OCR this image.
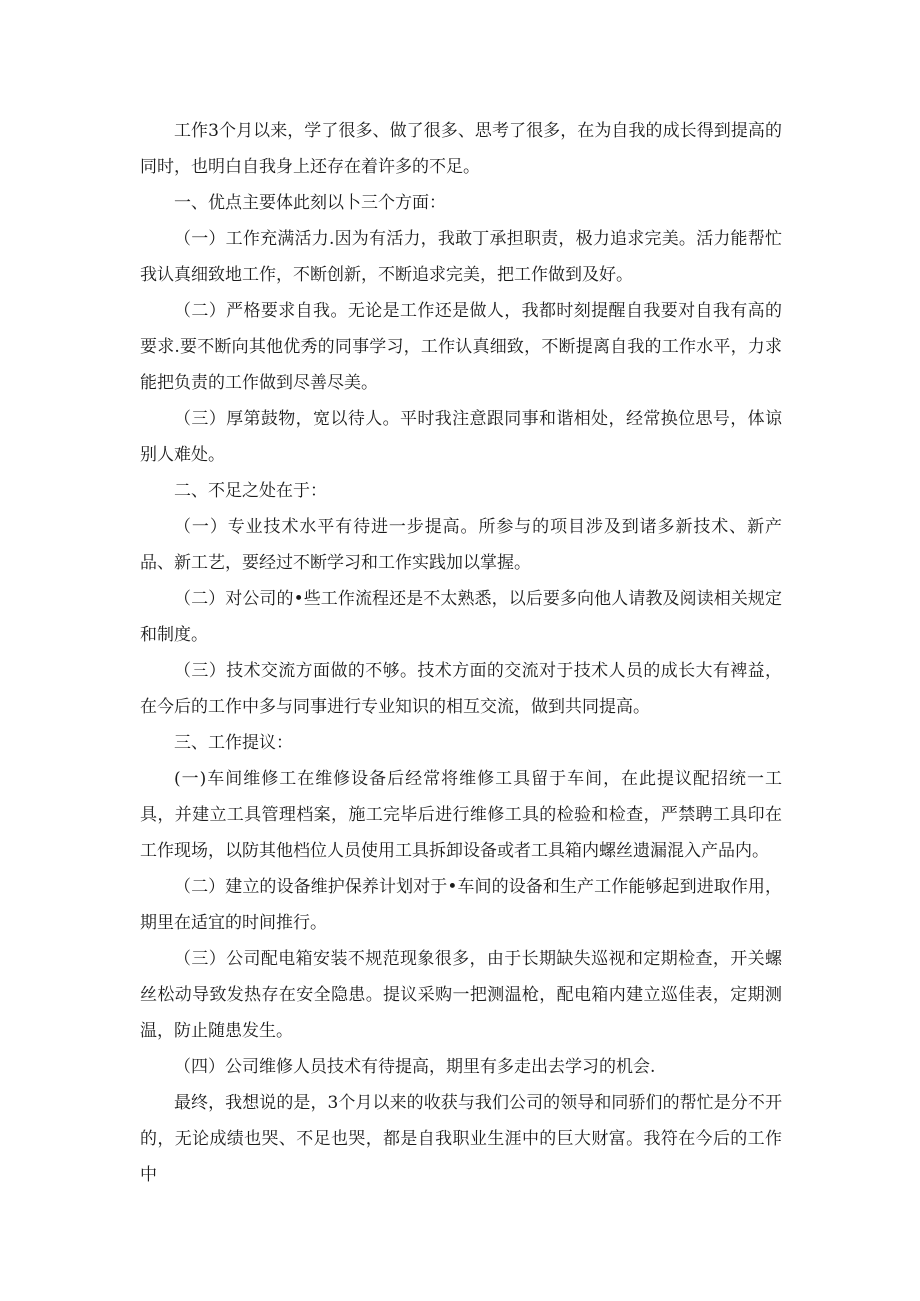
工作3个月以来，学了很多、做了很多、思考了很多，在为自我的成长得到提高的同时，也明白自我身上还存在着许多的不足。

一、优点主要体此刻以卜三个方面：

（一）工作充满活力.因为有活力，我敢丁承担职责，极力追求完美。活力能帮忙我认真细致地工作，不断创新，不断追求完美，把工作做到及好。

（二）严格要求自我。无论是工作还是做人，我都时刻提醒自我要对自我有高的要求.要不断向其他优秀的同事学习，工作认真细致，不断提离自我的工作水平，力求能把负责的工作做到尽善尽美。

（三）厚第鼓物，宽以待人。平时我注意跟同事和谐相处，经常换位思号，体谅别人难处。

二、不足之处在于：

（一）专业技术水平有待进一步提高。所参与的项目涉及到诸多新技术、新产品、新工艺，要经过不断学习和工作实践加以掌握。

（二）对公司的•些工作流程还是不太熟悉，以后要多向他人请教及阅读相关规定和制度。

（三）技术交流方面做的不够。技术方面的交流对于技术人员的成长大有裨益，在今后的工作中多与同事进行专业知识的相互交流，做到共同提高。

三、工作提议：

(一)车间维修工在维修设备后经常将维修工具留于车间，在此提议配招统一工具，并建立工具管理档案，施工完毕后进行维修工具的检验和检查，严禁聘工具印在工作现场，以防其他档位人员使用工具拆卸设备或者工具箱内螺丝遗漏混入产品内。

（二）建立的设备维护保养计划对于•车间的设备和生产工作能够起到进取作用，期里在适宜的时间推行。

（三）公司配电箱安装不规范现象很多，由于长期缺失巡视和定期检查，开关螺丝松动导致发热存在安全隐患。提议采购一把测温枪，配电箱内建立巡佳表，定期测温，防止随患发生。

（四）公司维修人员技术有待提高，期里有多走出去学习的机会.

最终，我想说的是，3个月以来的收获与我们公司的领导和同骄们的帮忙是分不开的，无论成绩也哭、不足也哭，都是自我职业生涯中的巨大财富。我符在今后的工作中
